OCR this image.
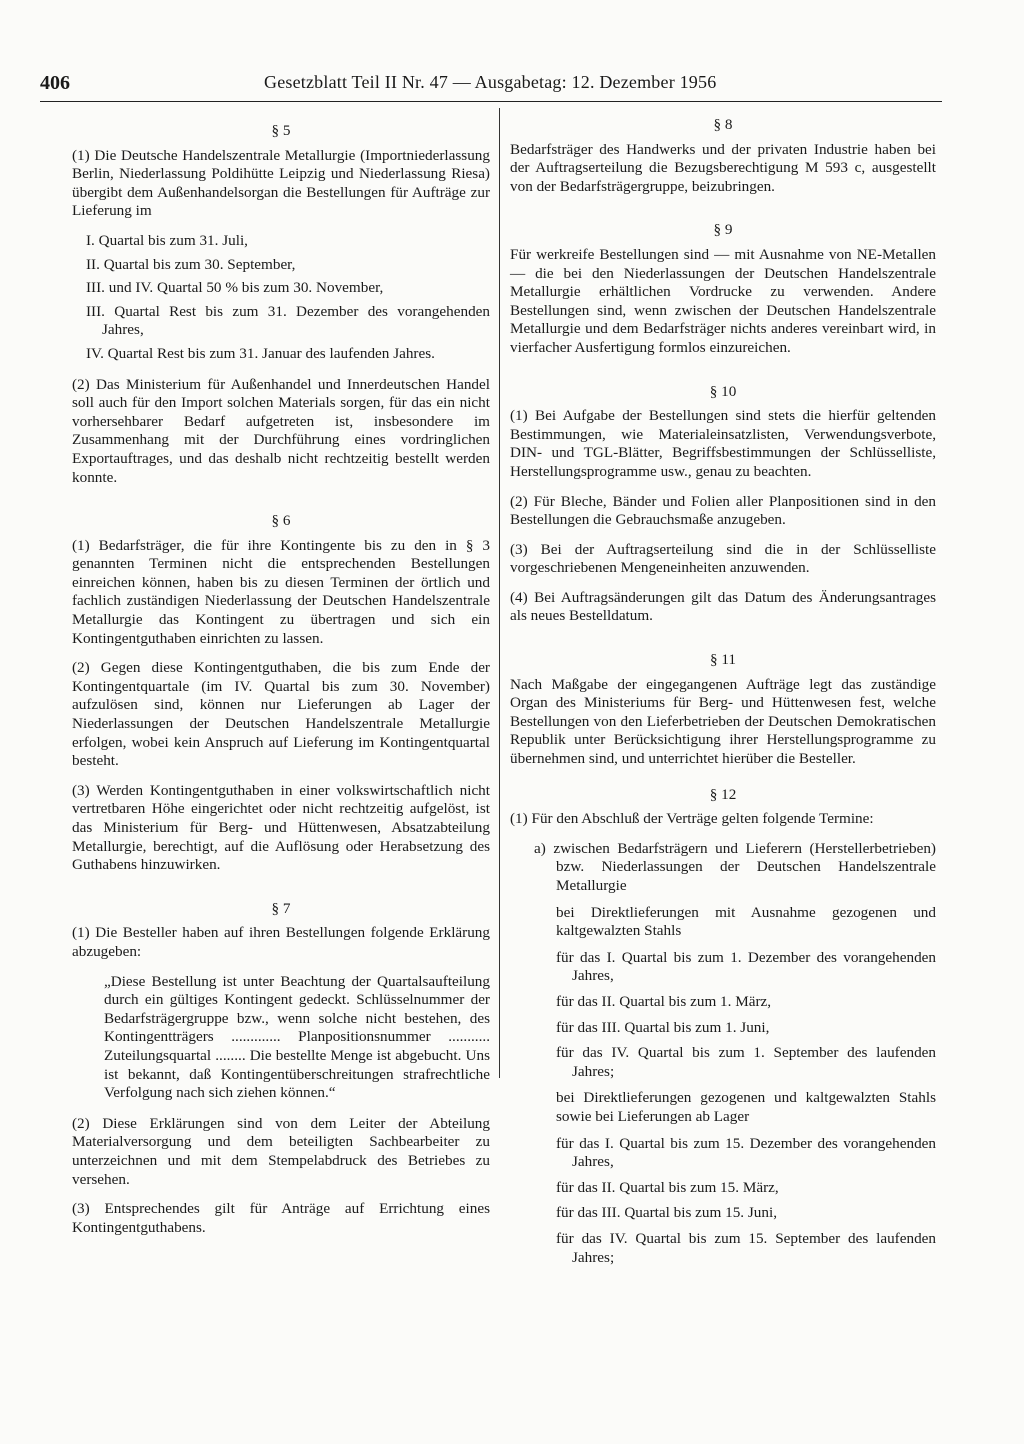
406	Gesetzblatt Teil II Nr. 47 — Ausgabetag: 12. Dezember 1956
§ 5

(1) Die Deutsche Handelszentrale Metallurgie (Importniederlassung Berlin, Niederlassung Poldihütte Leipzig und Niederlassung Riesa) übergibt dem Außenhandelsorgan die Bestellungen für Aufträge zur Lieferung im

I. Quartal bis zum 31. Juli,
II. Quartal bis zum 30. September,
III. und IV. Quartal 50 % bis zum 30. November,
III. Quartal Rest bis zum 31. Dezember des vorangehenden Jahres,
IV. Quartal Rest bis zum 31. Januar des laufenden Jahres.

(2) Das Ministerium für Außenhandel und Innerdeutschen Handel soll auch für den Import solchen Materials sorgen, für das ein nicht vorhersehbarer Bedarf aufgetreten ist, insbesondere im Zusammenhang mit der Durchführung eines vordringlichen Exportauftrages, und das deshalb nicht rechtzeitig bestellt werden konnte.

§ 6

(1) Bedarfsträger, die für ihre Kontingente bis zu den in § 3 genannten Terminen nicht die entsprechenden Bestellungen einreichen können, haben bis zu diesen Terminen der örtlich und fachlich zuständigen Niederlassung der Deutschen Handelszentrale Metallurgie das Kontingent zu übertragen und sich ein Kontingentguthaben einrichten zu lassen.

(2) Gegen diese Kontingentguthaben, die bis zum Ende der Kontingentquartale (im IV. Quartal bis zum 30. November) aufzulösen sind, können nur Lieferungen ab Lager der Niederlassungen der Deutschen Handelszentrale Metallurgie erfolgen, wobei kein Anspruch auf Lieferung im Kontingentquartal besteht.

(3) Werden Kontingentguthaben in einer volkswirtschaftlich nicht vertretbaren Höhe eingerichtet oder nicht rechtzeitig aufgelöst, ist das Ministerium für Berg- und Hüttenwesen, Absatzabteilung Metallurgie, berechtigt, auf die Auflösung oder Herabsetzung des Guthabens hinzuwirken.

§ 7

(1) Die Besteller haben auf ihren Bestellungen folgende Erklärung abzugeben:

„Diese Bestellung ist unter Beachtung der Quartalsaufteilung durch ein gültiges Kontingent gedeckt. Schlüsselnummer der Bedarfsträgergruppe bzw., wenn solche nicht bestehen, des Kontingentträgers ............. Planpositionsnummer ........... Zuteilungsquartal ........ Die bestellte Menge ist abgebucht. Uns ist bekannt, daß Kontingentüberschreitungen strafrechtliche Verfolgung nach sich ziehen können.“

(2) Diese Erklärungen sind von dem Leiter der Abteilung Materialversorgung und dem beteiligten Sachbearbeiter zu unterzeichnen und mit dem Stempelabdruck des Betriebes zu versehen.

(3) Entsprechendes gilt für Anträge auf Errichtung eines Kontingentguthabens.

§ 8

Bedarfsträger des Handwerks und der privaten Industrie haben bei der Auftragserteilung die Bezugsberechtigung M 593 c, ausgestellt von der Bedarfsträgergruppe, beizubringen.

§ 9

Für werkreife Bestellungen sind — mit Ausnahme von NE-Metallen — die bei den Niederlassungen der Deutschen Handelszentrale Metallurgie erhältlichen Vordrucke zu verwenden. Andere Bestellungen sind, wenn zwischen der Deutschen Handelszentrale Metallurgie und dem Bedarfsträger nichts anderes vereinbart wird, in vierfacher Ausfertigung formlos einzureichen.

§ 10

(1) Bei Aufgabe der Bestellungen sind stets die hierfür geltenden Bestimmungen, wie Materialeinsatzlisten, Verwendungsverbote, DIN- und TGL-Blätter, Begriffsbestimmungen der Schlüsselliste, Herstellungsprogramme usw., genau zu beachten.

(2) Für Bleche, Bänder und Folien aller Planpositionen sind in den Bestellungen die Gebrauchsmaße anzugeben.

(3) Bei der Auftragserteilung sind die in der Schlüsselliste vorgeschriebenen Mengeneinheiten anzuwenden.

(4) Bei Auftragsänderungen gilt das Datum des Änderungsantrages als neues Bestelldatum.

§ 11

Nach Maßgabe der eingegangenen Aufträge legt das zuständige Organ des Ministeriums für Berg- und Hüttenwesen fest, welche Bestellungen von den Lieferbetrieben der Deutschen Demokratischen Republik unter Berücksichtigung ihrer Herstellungsprogramme zu übernehmen sind, und unterrichtet hierüber die Besteller.

§ 12

(1) Für den Abschluß der Verträge gelten folgende Termine:

a) zwischen Bedarfsträgern und Lieferern (Herstellerbetrieben) bzw. Niederlassungen der Deutschen Handelszentrale Metallurgie

bei Direktlieferungen mit Ausnahme gezogenen und kaltgewalzten Stahls

für das I. Quartal bis zum 1. Dezember des vorangehenden Jahres,
für das II. Quartal bis zum 1. März,
für das III. Quartal bis zum 1. Juni,
für das IV. Quartal bis zum 1. September des laufenden Jahres;

bei Direktlieferungen gezogenen und kaltgewalzten Stahls sowie bei Lieferungen ab Lager

für das I. Quartal bis zum 15. Dezember des vorangehenden Jahres,
für das II. Quartal bis zum 15. März,
für das III. Quartal bis zum 15. Juni,
für das IV. Quartal bis zum 15. September des laufenden Jahres;
